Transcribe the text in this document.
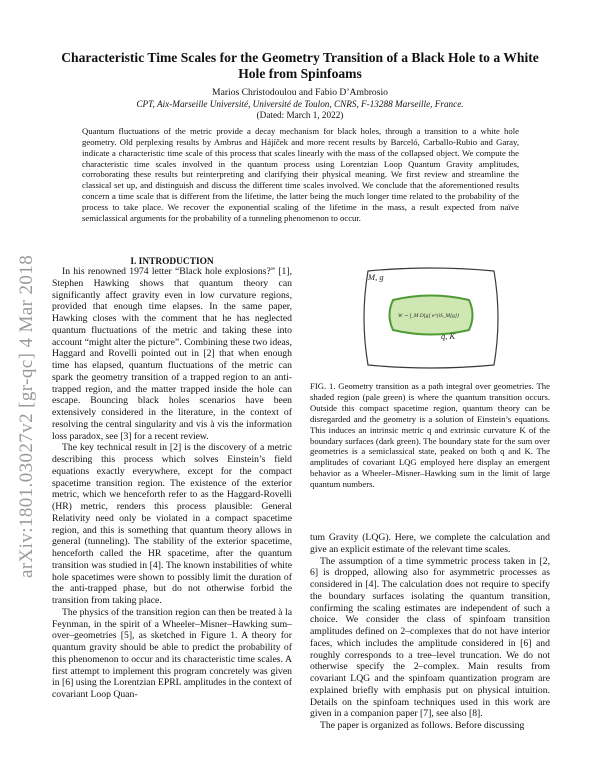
arXiv:1801.03027v2 [gr-qc] 4 Mar 2018
Characteristic Time Scales for the Geometry Transition of a Black Hole to a White Hole from Spinfoams
Marios Christodoulou and Fabio D’Ambrosio
CPT, Aix-Marseille Université, Université de Toulon, CNRS, F-13288 Marseille, France.
(Dated: March 1, 2022)
Quantum fluctuations of the metric provide a decay mechanism for black holes, through a transition to a white hole geometry. Old perplexing results by Ambrus and Hájíček and more recent results by Barceló, Carballo-Rubio and Garay, indicate a characteristic time scale of this process that scales linearly with the mass of the collapsed object. We compute the characteristic time scales involved in the quantum process using Lorentzian Loop Quantum Gravity amplitudes, corroborating these results but reinterpreting and clarifying their physical meaning. We first review and streamline the classical set up, and distinguish and discuss the different time scales involved. We conclude that the aforementioned results concern a time scale that is different from the lifetime, the latter being the much longer time related to the probability of the process to take place. We recover the exponential scaling of the lifetime in the mass, a result expected from naïve semiclassical arguments for the probability of a tunneling phenomenon to occur.
I. INTRODUCTION

In his renowned 1974 letter “Black hole explosions?” [1], Stephen Hawking shows that quantum theory can significantly affect gravity even in low curvature regions, provided that enough time elapses. In the same paper, Hawking closes with the comment that he has neglected quantum fluctuations of the metric and taking these into account “might alter the picture”. Combining these two ideas, Haggard and Rovelli pointed out in [2] that when enough time has elapsed, quantum fluctuations of the metric can spark the geometry transition of a trapped region to an anti-trapped region, and the matter trapped inside the hole can escape. Bouncing black holes scenarios have been extensively considered in the literature, in the context of resolving the central singularity and vis à vis the information loss paradox, see [3] for a recent review.

The key technical result in [2] is the discovery of a metric describing this process which solves Einstein’s field equations exactly everywhere, except for the compact spacetime transition region. The existence of the exterior metric, which we henceforth refer to as the Haggard-Rovelli (HR) metric, renders this process plausible: General Relativity need only be violated in a compact spacetime region, and this is something that quantum theory allows in general (tunneling). The stability of the exterior spacetime, henceforth called the HR spacetime, after the quantum transition was studied in [4]. The known instabilities of white hole spacetimes were shown to possibly limit the duration of the anti-trapped phase, but do not otherwise forbid the transition from taking place.

The physics of the transition region can then be treated à la Feynman, in the spirit of a Wheeler–Misner–Hawking sum–over–geometries [5], as sketched in Figure 1. A theory for quantum gravity should be able to predict the probability of this phenomenon to occur and its characteristic time scales. A first attempt to implement this program concretely was given in [6] using the Lorentzian EPRL amplitudes in the context of covariant Loop Quan-

M, g
W ∼ ∫_M D[g] e^{iS_M[g]}
q, K
FIG. 1. Geometry transition as a path integral over geometries. The shaded region (pale green) is where the quantum transition occurs. Outside this compact spacetime region, quantum theory can be disregarded and the geometry is a solution of Einstein’s equations. This induces an intrinsic metric q and extrinsic curvature K of the boundary surfaces (dark green). The boundary state for the sum over geometries is a semiclassical state, peaked on both q and K. The amplitudes of covariant LQG employed here display an emergent behavior as a Wheeler–Misner–Hawking sum in the limit of large quantum numbers.

tum Gravity (LQG). Here, we complete the calculation and give an explicit estimate of the relevant time scales.

The assumption of a time symmetric process taken in [2, 6] is dropped, allowing also for asymmetric processes as considered in [4]. The calculation does not require to specify the boundary surfaces isolating the quantum transition, confirming the scaling estimates are independent of such a choice. We consider the class of spinfoam transition amplitudes defined on 2–complexes that do not have interior faces, which includes the amplitude considered in [6] and roughly corresponds to a tree–level truncation. We do not otherwise specify the 2–complex. Main results from covariant LQG and the spinfoam quantization program are explained briefly with emphasis put on physical intuition. Details on the spinfoam techniques used in this work are given in a companion paper [7], see also [8].

The paper is organized as follows. Before discussing
